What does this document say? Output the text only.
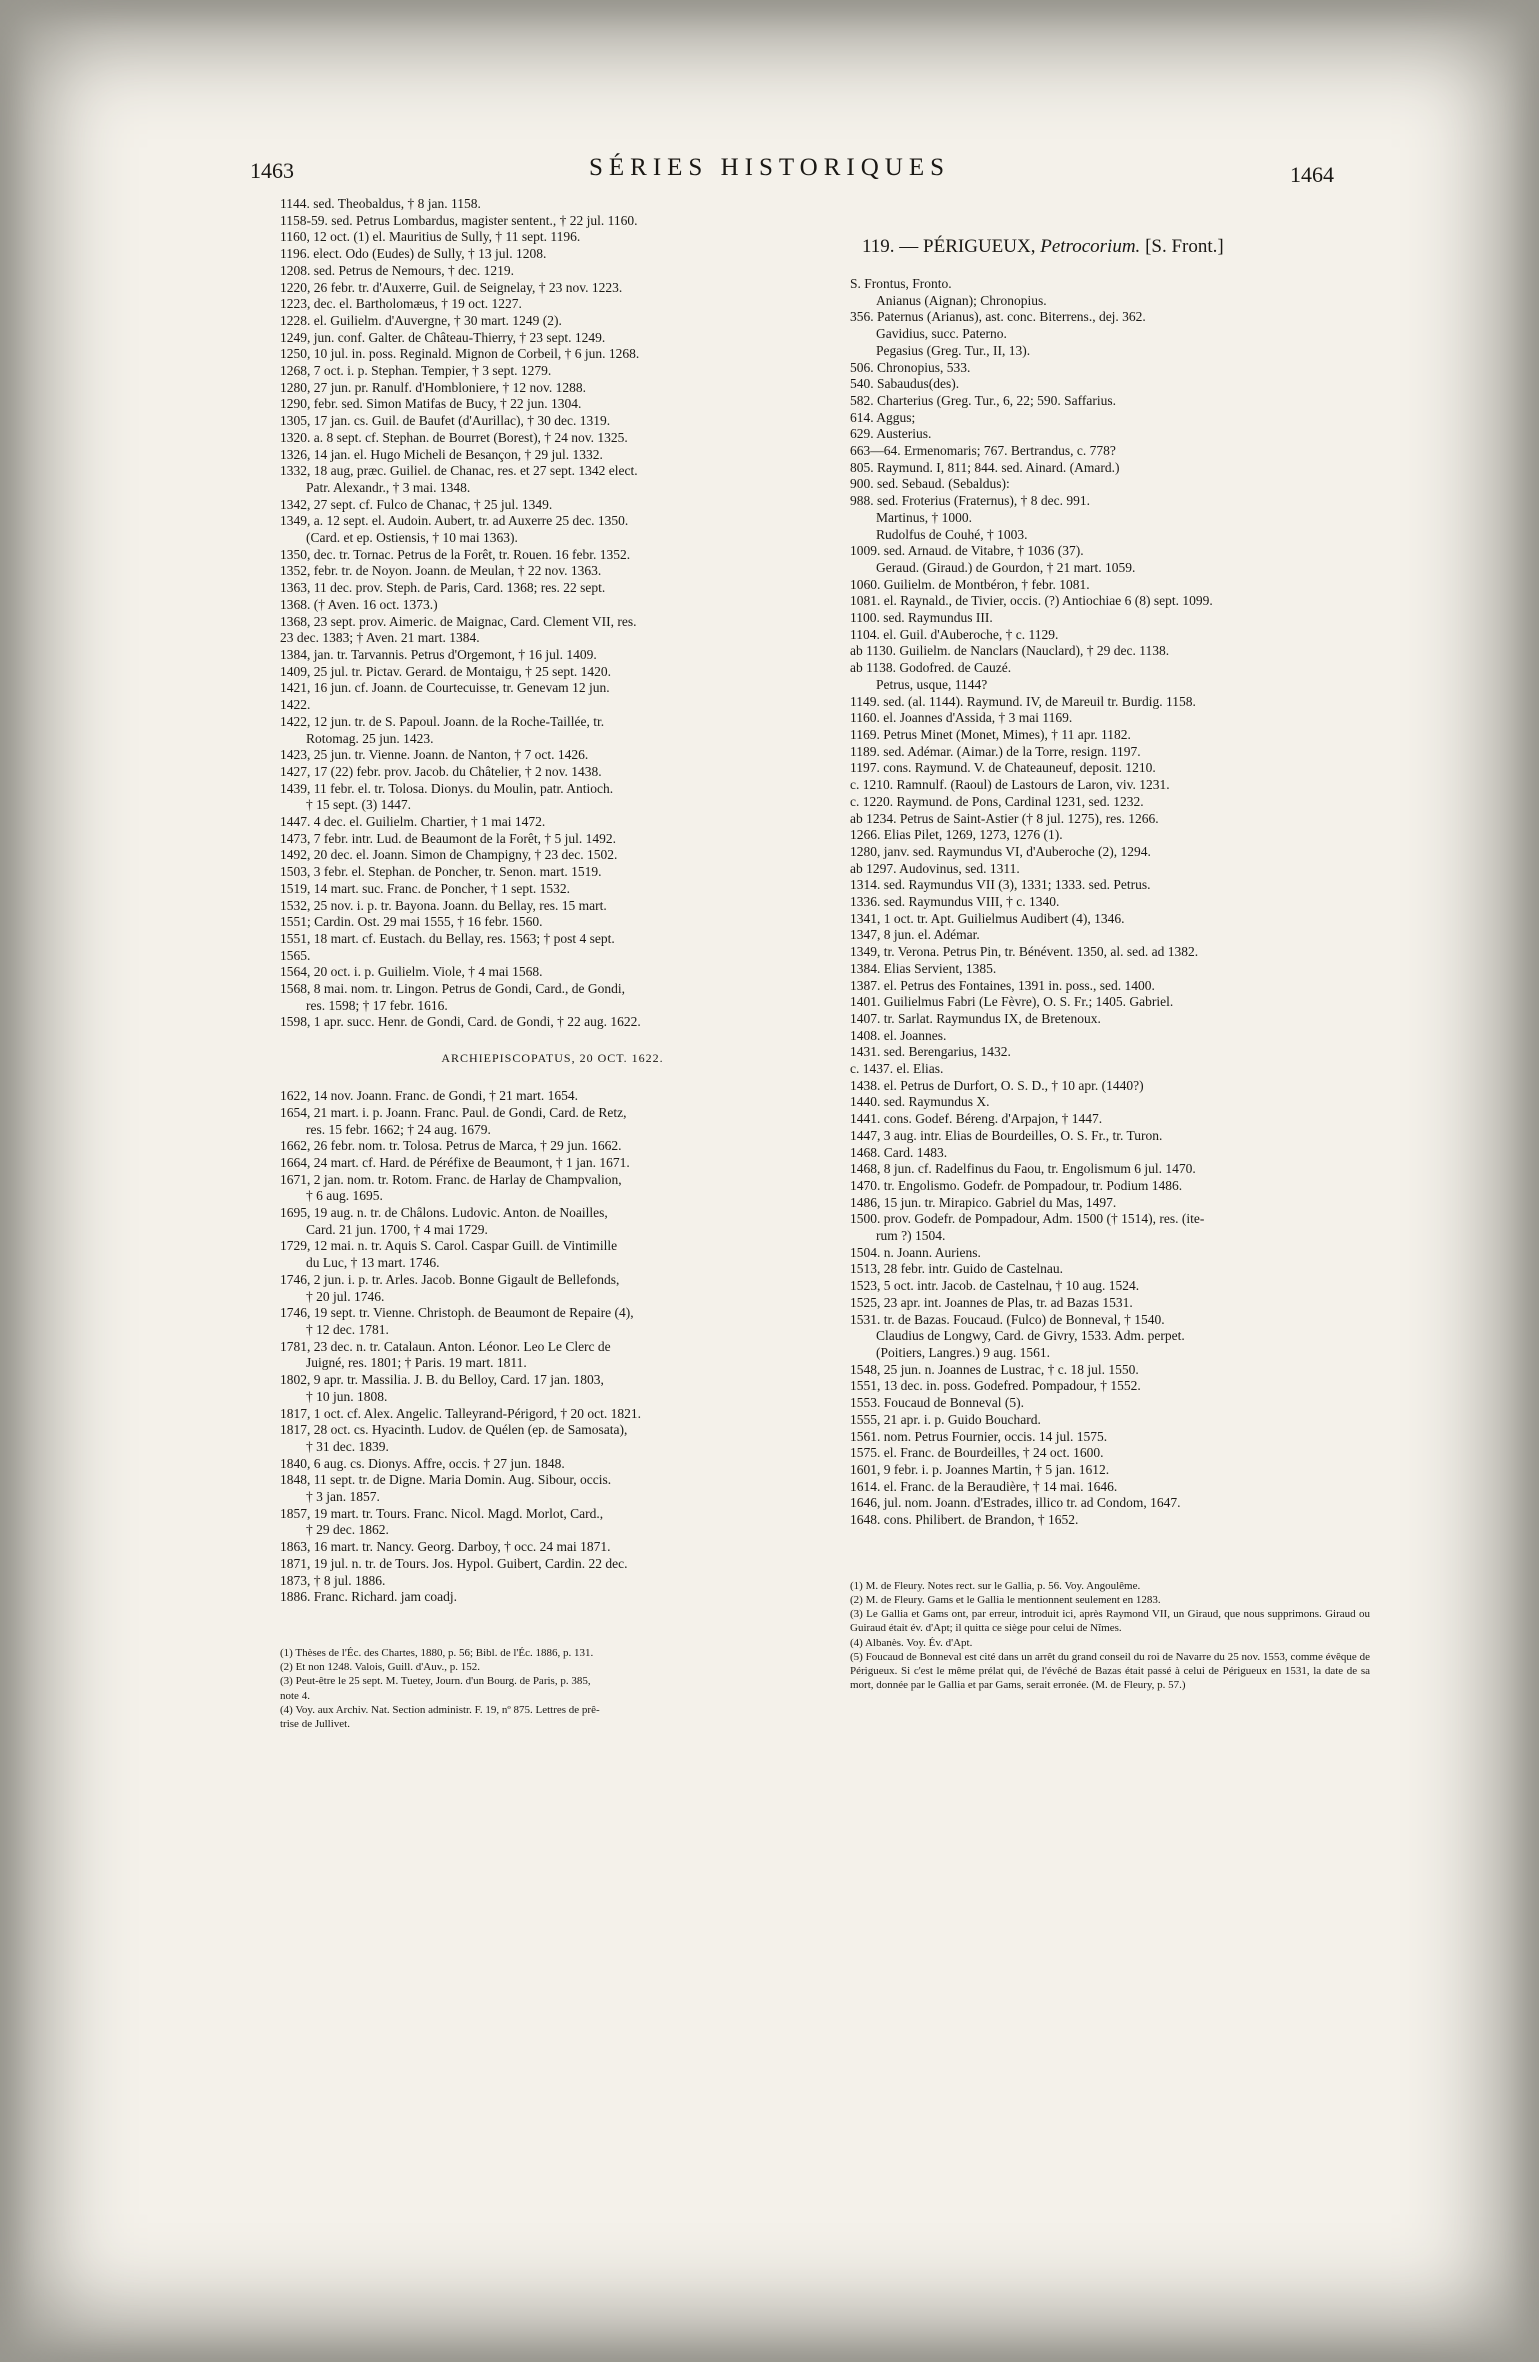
1463	SÉRIES HISTORIQUES	1464
1144. sed. Theobaldus, † 8 jan. 1158.
1158-59. sed. Petrus Lombardus, magister sentent., † 22 jul. 1160.
1160, 12 oct. (1) el. Mauritius de Sully, † 11 sept. 1196.
1196. elect. Odo (Eudes) de Sully, † 13 jul. 1208.
1208. sed. Petrus de Nemours, † dec. 1219.
1220, 26 febr. tr. d'Auxerre, Guil. de Seignelay, † 23 nov. 1223.
1223, dec. el. Bartholomæus, † 19 oct. 1227.
1228. el. Guilielm. d'Auvergne, † 30 mart. 1249 (2).
1249, jun. conf. Galter. de Château-Thierry, † 23 sept. 1249.
1250, 10 jul. in. poss. Reginald. Mignon de Corbeil, † 6 jun. 1268.
1268, 7 oct. i. p. Stephan. Tempier, † 3 sept. 1279.
1280, 27 jun. pr. Ranulf. d'Hombloniere, † 12 nov. 1288.
1290, febr. sed. Simon Matifas de Bucy, † 22 jun. 1304.
1305, 17 jan. cs. Guil. de Baufet (d'Aurillac), † 30 dec. 1319.
1320. a. 8 sept. cf. Stephan. de Bourret (Borest), † 24 nov. 1325.
1326, 14 jan. el. Hugo Micheli de Besançon, † 29 jul. 1332.
1332, 18 aug, præc. Guiliel. de Chanac, res. et 27 sept. 1342 elect.
Patr. Alexandr., † 3 mai. 1348.
1342, 27 sept. cf. Fulco de Chanac, † 25 jul. 1349.
1349, a. 12 sept. el. Audoin. Aubert, tr. ad Auxerre 25 dec. 1350.
(Card. et ep. Ostiensis, † 10 mai 1363).
1350, dec. tr. Tornac. Petrus de la Forêt, tr. Rouen. 16 febr. 1352.
1352, febr. tr. de Noyon. Joann. de Meulan, † 22 nov. 1363.
1363, 11 dec. prov. Steph. de Paris, Card. 1368; res. 22 sept.
1368. († Aven. 16 oct. 1373.)
1368, 23 sept. prov. Aimeric. de Maignac, Card. Clement VII, res.
23 dec. 1383; † Aven. 21 mart. 1384.
1384, jan. tr. Tarvannis. Petrus d'Orgemont, † 16 jul. 1409.
1409, 25 jul. tr. Pictav. Gerard. de Montaigu, † 25 sept. 1420.
1421, 16 jun. cf. Joann. de Courtecuisse, tr. Genevam 12 jun.
1422.
1422, 12 jun. tr. de S. Papoul. Joann. de la Roche-Taillée, tr.
Rotomag. 25 jun. 1423.
1423, 25 jun. tr. Vienne. Joann. de Nanton, † 7 oct. 1426.
1427, 17 (22) febr. prov. Jacob. du Châtelier, † 2 nov. 1438.
1439, 11 febr. el. tr. Tolosa. Dionys. du Moulin, patr. Antioch.
† 15 sept. (3) 1447.
1447. 4 dec. el. Guilielm. Chartier, † 1 mai 1472.
1473, 7 febr. intr. Lud. de Beaumont de la Forêt, † 5 jul. 1492.
1492, 20 dec. el. Joann. Simon de Champigny, † 23 dec. 1502.
1503, 3 febr. el. Stephan. de Poncher, tr. Senon. mart. 1519.
1519, 14 mart. suc. Franc. de Poncher, † 1 sept. 1532.
1532, 25 nov. i. p. tr. Bayona. Joann. du Bellay, res. 15 mart.
1551; Cardin. Ost. 29 mai 1555, † 16 febr. 1560.
1551, 18 mart. cf. Eustach. du Bellay, res. 1563; † post 4 sept.
1565.
1564, 20 oct. i. p. Guilielm. Viole, † 4 mai 1568.
1568, 8 mai. nom. tr. Lingon. Petrus de Gondi, Card., de Gondi,
res. 1598; † 17 febr. 1616.
1598, 1 apr. succ. Henr. de Gondi, Card. de Gondi, † 22 aug. 1622.
ARCHIEPISCOPATUS, 20 OCT. 1622.
1622, 14 nov. Joann. Franc. de Gondi, † 21 mart. 1654.
1654, 21 mart. i. p. Joann. Franc. Paul. de Gondi, Card. de Retz,
res. 15 febr. 1662; † 24 aug. 1679.
1662, 26 febr. nom. tr. Tolosa. Petrus de Marca, † 29 jun. 1662.
1664, 24 mart. cf. Hard. de Péréfixe de Beaumont, † 1 jan. 1671.
1671, 2 jan. nom. tr. Rotom. Franc. de Harlay de Champvalion,
† 6 aug. 1695.
1695, 19 aug. n. tr. de Châlons. Ludovic. Anton. de Noailles,
Card. 21 jun. 1700, † 4 mai 1729.
1729, 12 mai. n. tr. Aquis S. Carol. Caspar Guill. de Vintimille
du Luc, † 13 mart. 1746.
1746, 2 jun. i. p. tr. Arles. Jacob. Bonne Gigault de Bellefonds,
† 20 jul. 1746.
1746, 19 sept. tr. Vienne. Christoph. de Beaumont de Repaire (4),
† 12 dec. 1781.
1781, 23 dec. n. tr. Catalaun. Anton. Léonor. Leo Le Clerc de
Juigné, res. 1801; † Paris. 19 mart. 1811.
1802, 9 apr. tr. Massilia. J. B. du Belloy, Card. 17 jan. 1803,
† 10 jun. 1808.
1817, 1 oct. cf. Alex. Angelic. Talleyrand-Périgord, † 20 oct. 1821.
1817, 28 oct. cs. Hyacinth. Ludov. de Quélen (ep. de Samosata),
† 31 dec. 1839.
1840, 6 aug. cs. Dionys. Affre, occis. † 27 jun. 1848.
1848, 11 sept. tr. de Digne. Maria Domin. Aug. Sibour, occis.
† 3 jan. 1857.
1857, 19 mart. tr. Tours. Franc. Nicol. Magd. Morlot, Card.,
† 29 dec. 1862.
1863, 16 mart. tr. Nancy. Georg. Darboy, † occ. 24 mai 1871.
1871, 19 jul. n. tr. de Tours. Jos. Hypol. Guibert, Cardin. 22 dec.
1873, † 8 jul. 1886.
1886. Franc. Richard. jam coadj.
(1) Thèses de l'Éc. des Chartes, 1880, p. 56; Bibl. de l'Éc. 1886, p. 131.
(2) Et non 1248. Valois, Guill. d'Auv., p. 152.
(3) Peut-être le 25 sept. M. Tuetey, Journ. d'un Bourg. de Paris, p. 385,
note 4.
(4) Voy. aux Archiv. Nat. Section administr. F. 19, nº 875. Lettres de prê-
trise de Jullivet.
119. — PÉRIGUEUX, Petrocorium. [S. Front.]
S. Frontus, Fronto.
Anianus (Aignan); Chronopius.
356. Paternus (Arianus), ast. conc. Biterrens., dej. 362.
Gavidius, succ. Paterno.
Pegasius (Greg. Tur., II, 13).
506. Chronopius, 533.
540. Sabaudus(des).
582. Charterius (Greg. Tur., 6, 22; 590. Saffarius.
614. Aggus;
629. Austerius.
663—64. Ermenomaris; 767. Bertrandus, c. 778?
805. Raymund. I, 811; 844. sed. Ainard. (Amard.)
900. sed. Sebaud. (Sebaldus):
988. sed. Froterius (Fraternus), † 8 dec. 991.
Martinus, † 1000.
Rudolfus de Couhé, † 1003.
1009. sed. Arnaud. de Vitabre, † 1036 (37).
Geraud. (Giraud.) de Gourdon, † 21 mart. 1059.
1060. Guilielm. de Montbéron, † febr. 1081.
1081. el. Raynald., de Tivier, occis. (?) Antiochiae 6 (8) sept. 1099.
1100. sed. Raymundus III.
1104. el. Guil. d'Auberoche, † c. 1129.
ab 1130. Guilielm. de Nanclars (Nauclard), † 29 dec. 1138.
ab 1138. Godofred. de Cauzé.
Petrus, usque, 1144?
1149. sed. (al. 1144). Raymund. IV, de Mareuil tr. Burdig. 1158.
1160. el. Joannes d'Assida, † 3 mai 1169.
1169. Petrus Minet (Monet, Mimes), † 11 apr. 1182.
1189. sed. Adémar. (Aimar.) de la Torre, resign. 1197.
1197. cons. Raymund. V. de Chateauneuf, deposit. 1210.
c. 1210. Ramnulf. (Raoul) de Lastours de Laron, viv. 1231.
c. 1220. Raymund. de Pons, Cardinal 1231, sed. 1232.
ab 1234. Petrus de Saint-Astier († 8 jul. 1275), res. 1266.
1266. Elias Pilet, 1269, 1273, 1276 (1).
1280, janv. sed. Raymundus VI, d'Auberoche (2), 1294.
ab 1297. Audovinus, sed. 1311.
1314. sed. Raymundus VII (3), 1331; 1333. sed. Petrus.
1336. sed. Raymundus VIII, † c. 1340.
1341, 1 oct. tr. Apt. Guilielmus Audibert (4), 1346.
1347, 8 jun. el. Adémar.
1349, tr. Verona. Petrus Pin, tr. Bénévent. 1350, al. sed. ad 1382.
1384. Elias Servient, 1385.
1387. el. Petrus des Fontaines, 1391 in. poss., sed. 1400.
1401. Guilielmus Fabri (Le Fèvre), O. S. Fr.; 1405. Gabriel.
1407. tr. Sarlat. Raymundus IX, de Bretenoux.
1408. el. Joannes.
1431. sed. Berengarius, 1432.
c. 1437. el. Elias.
1438. el. Petrus de Durfort, O. S. D., † 10 apr. (1440?)
1440. sed. Raymundus X.
1441. cons. Godef. Béreng. d'Arpajon, † 1447.
1447, 3 aug. intr. Elias de Bourdeilles, O. S. Fr., tr. Turon.
1468. Card. 1483.
1468, 8 jun. cf. Radelfinus du Faou, tr. Engolismum 6 jul. 1470.
1470. tr. Engolismo. Godefr. de Pompadour, tr. Podium 1486.
1486, 15 jun. tr. Mirapico. Gabriel du Mas, 1497.
1500. prov. Godefr. de Pompadour, Adm. 1500 († 1514), res. (ite-
rum ?) 1504.
1504. n. Joann. Auriens.
1513, 28 febr. intr. Guido de Castelnau.
1523, 5 oct. intr. Jacob. de Castelnau, † 10 aug. 1524.
1525, 23 apr. int. Joannes de Plas, tr. ad Bazas 1531.
1531. tr. de Bazas. Foucaud. (Fulco) de Bonneval, † 1540.
Claudius de Longwy, Card. de Givry, 1533. Adm. perpet.
(Poitiers, Langres.) 9 aug. 1561.
1548, 25 jun. n. Joannes de Lustrac, † c. 18 jul. 1550.
1551, 13 dec. in. poss. Godefred. Pompadour, † 1552.
1553. Foucaud de Bonneval (5).
1555, 21 apr. i. p. Guido Bouchard.
1561. nom. Petrus Fournier, occis. 14 jul. 1575.
1575. el. Franc. de Bourdeilles, † 24 oct. 1600.
1601, 9 febr. i. p. Joannes Martin, † 5 jan. 1612.
1614. el. Franc. de la Beraudière, † 14 mai. 1646.
1646, jul. nom. Joann. d'Estrades, illico tr. ad Condom, 1647.
1648. cons. Philibert. de Brandon, † 1652.
(1) M. de Fleury. Notes rect. sur le Gallia, p. 56. Voy. Angoulême.
(2) M. de Fleury. Gams et le Gallia le mentionnent seulement en 1283.
(3) Le Gallia et Gams ont, par erreur, introduit ici, après Raymond VII, un Giraud, que nous supprimons. Giraud ou Guiraud était év. d'Apt; il quitta ce siège pour celui de Nîmes.
(4) Albanès. Voy. Év. d'Apt.
(5) Foucaud de Bonneval est cité dans un arrêt du grand conseil du roi de Navarre du 25 nov. 1553, comme évêque de Périgueux. Si c'est le même prélat qui, de l'évêché de Bazas était passé à celui de Périgueux en 1531, la date de sa mort, donnée par le Gallia et par Gams, serait erronée. (M. de Fleury, p. 57.)
